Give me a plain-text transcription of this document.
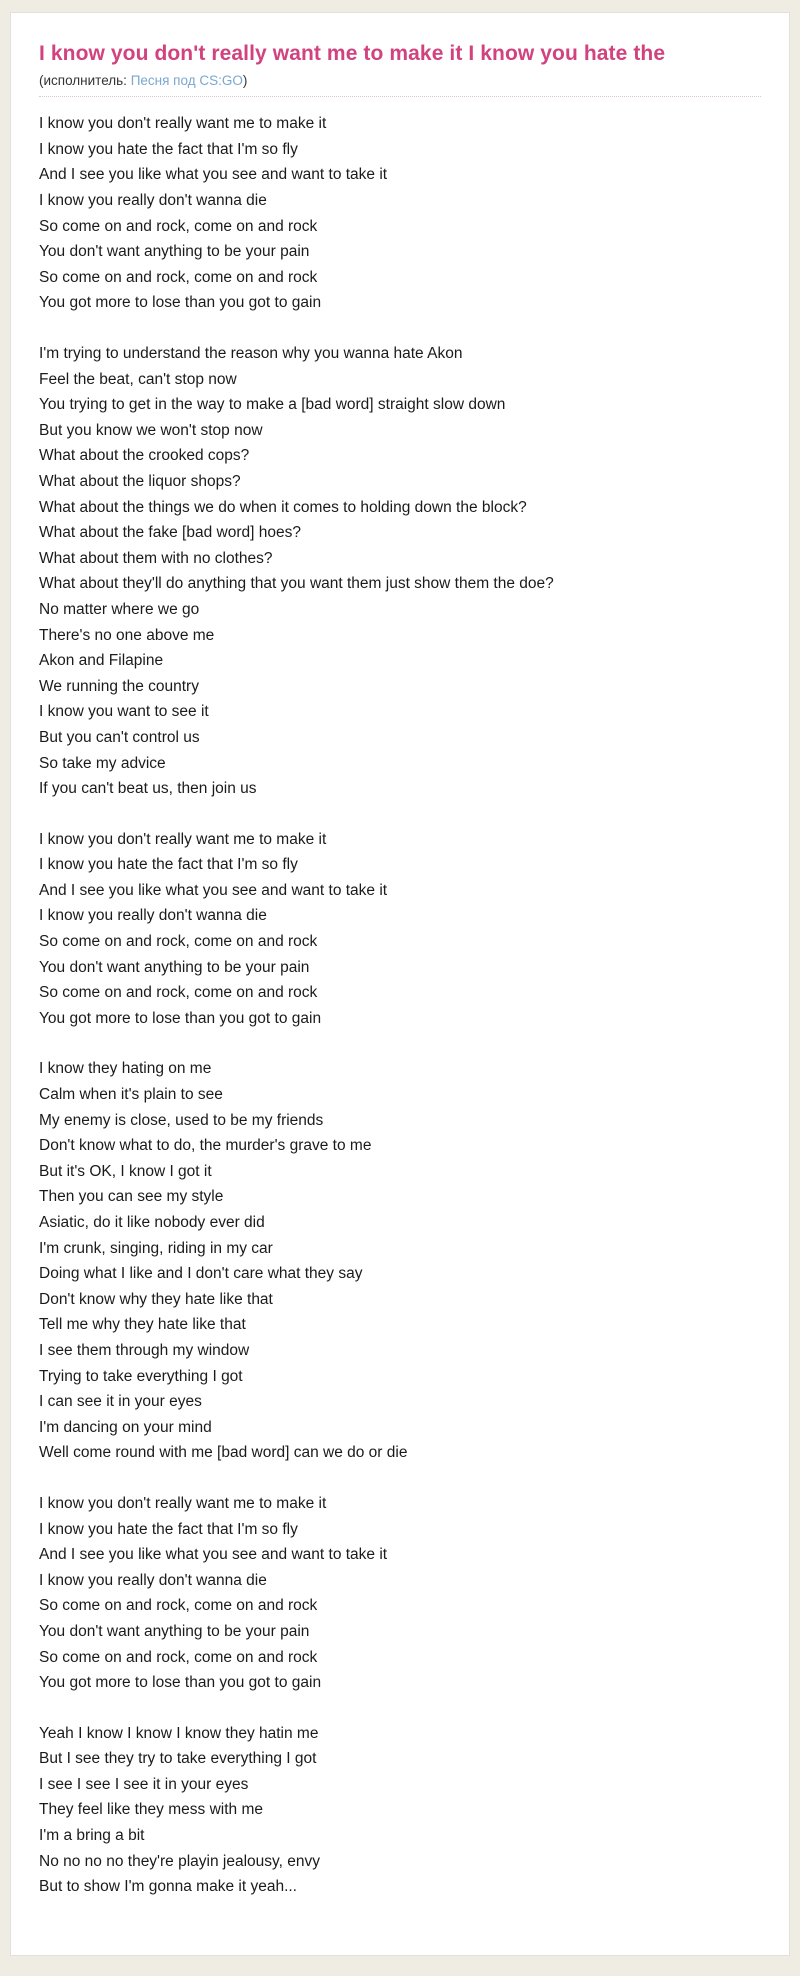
I know you don't really want me to make it I know you hate the
(исполнитель: Песня под CS:GO)
I know you don't really want me to make it
I know you hate the fact that I'm so fly
And I see you like what you see and want to take it
I know you really don't wanna die
So come on and rock, come on and rock
You don't want anything to be your pain
So come on and rock, come on and rock
You got more to lose than you got to gain
I'm trying to understand the reason why you wanna hate Akon
Feel the beat, can't stop now
You trying to get in the way to make a [bad word] straight slow down
But you know we won't stop now
What about the crooked cops?
What about the liquor shops?
What about the things we do when it comes to holding down the block?
What about the fake [bad word] hoes?
What about them with no clothes?
What about they'll do anything that you want them just show them the doe?
No matter where we go
There's no one above me
Akon and Filapine
We running the country
I know you want to see it
But you can't control us
So take my advice
If you can't beat us, then join us
I know you don't really want me to make it
I know you hate the fact that I'm so fly
And I see you like what you see and want to take it
I know you really don't wanna die
So come on and rock, come on and rock
You don't want anything to be your pain
So come on and rock, come on and rock
You got more to lose than you got to gain
I know they hating on me
Calm when it's plain to see
My enemy is close, used to be my friends
Don't know what to do, the murder's grave to me
But it's OK, I know I got it
Then you can see my style
Asiatic, do it like nobody ever did
I'm crunk, singing, riding in my car
Doing what I like and I don't care what they say
Don't know why they hate like that
Tell me why they hate like that
I see them through my window
Trying to take everything I got
I can see it in your eyes
I'm dancing on your mind
Well come round with me [bad word] can we do or die
I know you don't really want me to make it
I know you hate the fact that I'm so fly
And I see you like what you see and want to take it
I know you really don't wanna die
So come on and rock, come on and rock
You don't want anything to be your pain
So come on and rock, come on and rock
You got more to lose than you got to gain
Yeah I know I know I know they hatin me
But I see they try to take everything I got
I see I see I see it in your eyes
They feel like they mess with me
I'm a bring a bit
No no no no they're playin jealousy, envy
But to show I'm gonna make it yeah...
